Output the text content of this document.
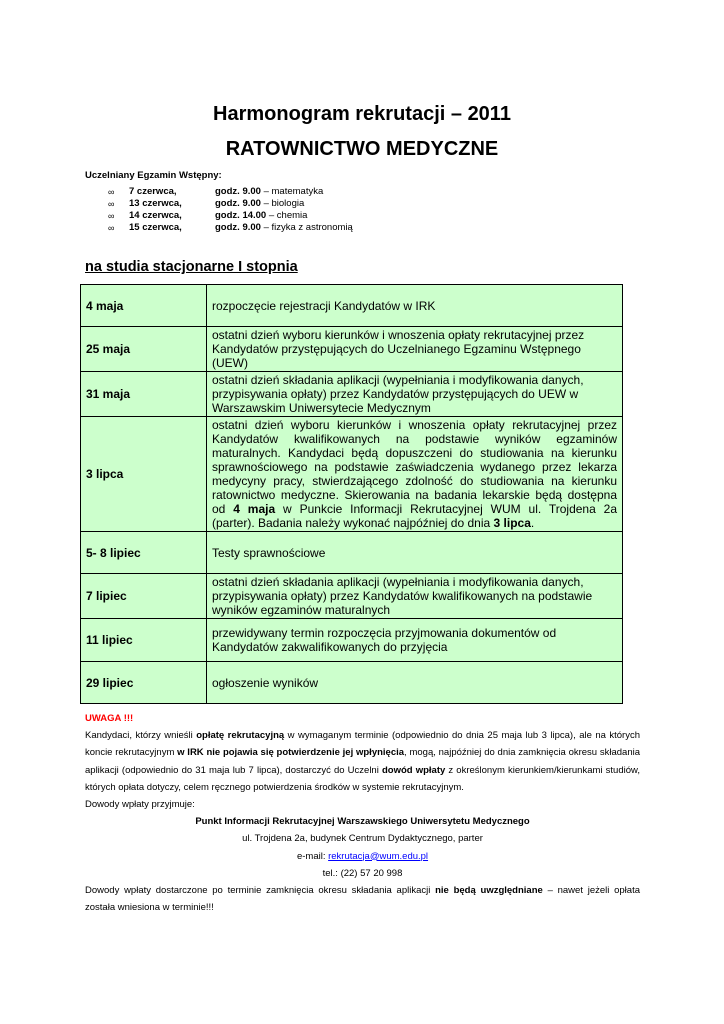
Harmonogram rekrutacji – 2011
RATOWNICTWO MEDYCZNE
Uczelniany Egzamin Wstępny:
∞ 7 czerwca,	godz. 9.00 – matematyka
∞ 13 czerwca,	godz. 9.00 – biologia
∞ 14 czerwca,	godz. 14.00 – chemia
∞ 15 czerwca,	godz. 9.00 – fizyka z astronomią
na studia stacjonarne I stopnia
4 maja	rozpoczęcie rejestracji Kandydatów w IRK
25 maja	ostatni dzień wyboru kierunków i wnoszenia opłaty rekrutacyjnej przez Kandydatów przystępujących do Uczelnianego Egzaminu Wstępnego (UEW)
31 maja	ostatni dzień składania aplikacji (wypełniania i modyfikowania danych, przypisywania opłaty) przez Kandydatów przystępujących do UEW w Warszawskim Uniwersytecie Medycznym
3 lipca	ostatni dzień wyboru kierunków i wnoszenia opłaty rekrutacyjnej przez Kandydatów kwalifikowanych na podstawie wyników egzaminów maturalnych. Kandydaci będą dopuszczeni do studiowania na kierunku sprawnościowego na podstawie zaświadczenia wydanego przez lekarza medycyny pracy, stwierdzającego zdolność do studiowania na kierunku ratownictwo medyczne. Skierowania na badania lekarskie będą dostępna od 4 maja w Punkcie Informacji Rekrutacyjnej WUM ul. Trojdena 2a (parter). Badania należy wykonać najpóźniej do dnia 3 lipca.
5- 8 lipiec	Testy sprawnościowe
7 lipiec	ostatni dzień składania aplikacji (wypełniania i modyfikowania danych, przypisywania opłaty) przez Kandydatów kwalifikowanych na podstawie wyników egzaminów maturalnych
11 lipiec	przewidywany termin rozpoczęcia przyjmowania dokumentów od Kandydatów zakwalifikowanych do przyjęcia
29 lipiec	ogłoszenie wyników
UWAGA !!!
Kandydaci, którzy wnieśli opłatę rekrutacyjną w wymaganym terminie (odpowiednio do dnia 25 maja lub 3 lipca), ale na których koncie rekrutacyjnym w IRK nie pojawia się potwierdzenie jej wpłynięcia, mogą, najpóźniej do dnia zamknięcia okresu składania aplikacji (odpowiednio do 31 maja lub 7 lipca), dostarczyć do Uczelni dowód wpłaty z określonym kierunkiem/kierunkami studiów, których opłata dotyczy, celem ręcznego potwierdzenia środków w systemie rekrutacyjnym.
Dowody wpłaty przyjmuje:
Punkt Informacji Rekrutacyjnej Warszawskiego Uniwersytetu Medycznego
ul. Trojdena 2a, budynek Centrum Dydaktycznego, parter
e-mail: rekrutacja@wum.edu.pl
tel.: (22) 57 20 998
Dowody wpłaty dostarczone po terminie zamknięcia okresu składania aplikacji nie będą uwzględniane – nawet jeżeli opłata została wniesiona w terminie!!!
